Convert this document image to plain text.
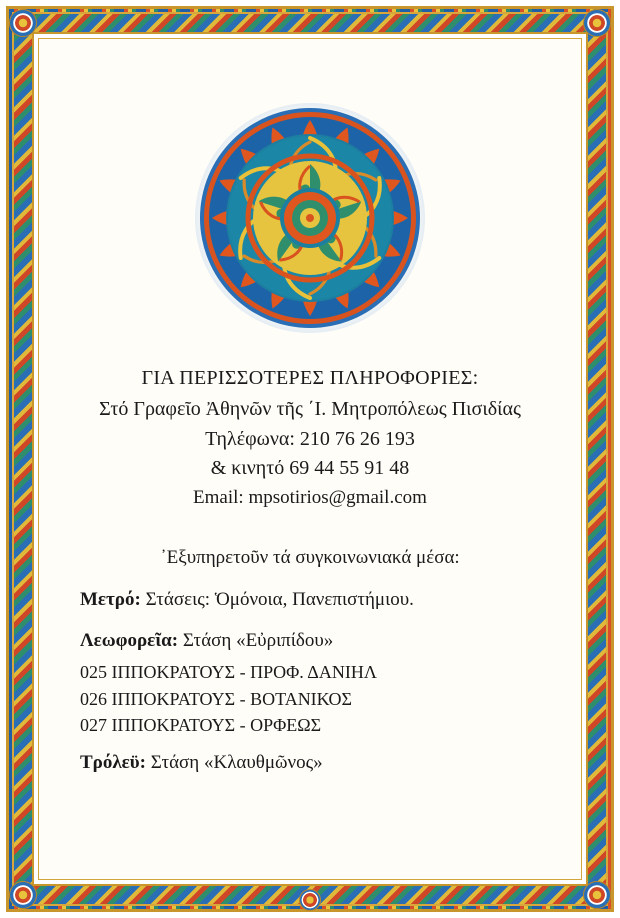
ΓΙΑ ΠΕΡΙΣΣΟΤΕΡΕΣ ΠΛΗΡΟΦΟΡΙΕΣ:
Στό Γραφεῖο Ἀθηνῶν τῆς ΄Ι. Μητροπόλεως Πισιδίας
Τηλέφωνα: 210 76 26 193
& κινητό 69 44 55 91 48
Email: mpsotirios@gmail.com
᾿Εξυπηρετοῦν τά συγκοινωνιακά μέσα:
Μετρό: Στάσεις: Ὁμόνοια, Πανεπιστήμιου.
Λεωφορεῖα: Στάση «Εὐριπίδου»
025 ΙΠΠΟΚΡΑΤΟΥΣ - ΠΡΟΦ. ΔΑΝΙΗΛ
026 ΙΠΠΟΚΡΑΤΟΥΣ - ΒΟΤΑΝΙΚΟΣ
027 ΙΠΠΟΚΡΑΤΟΥΣ - ΟΡΦΕΩΣ
Τρόλεϋ: Στάση «Κλαυθμῶνος»
